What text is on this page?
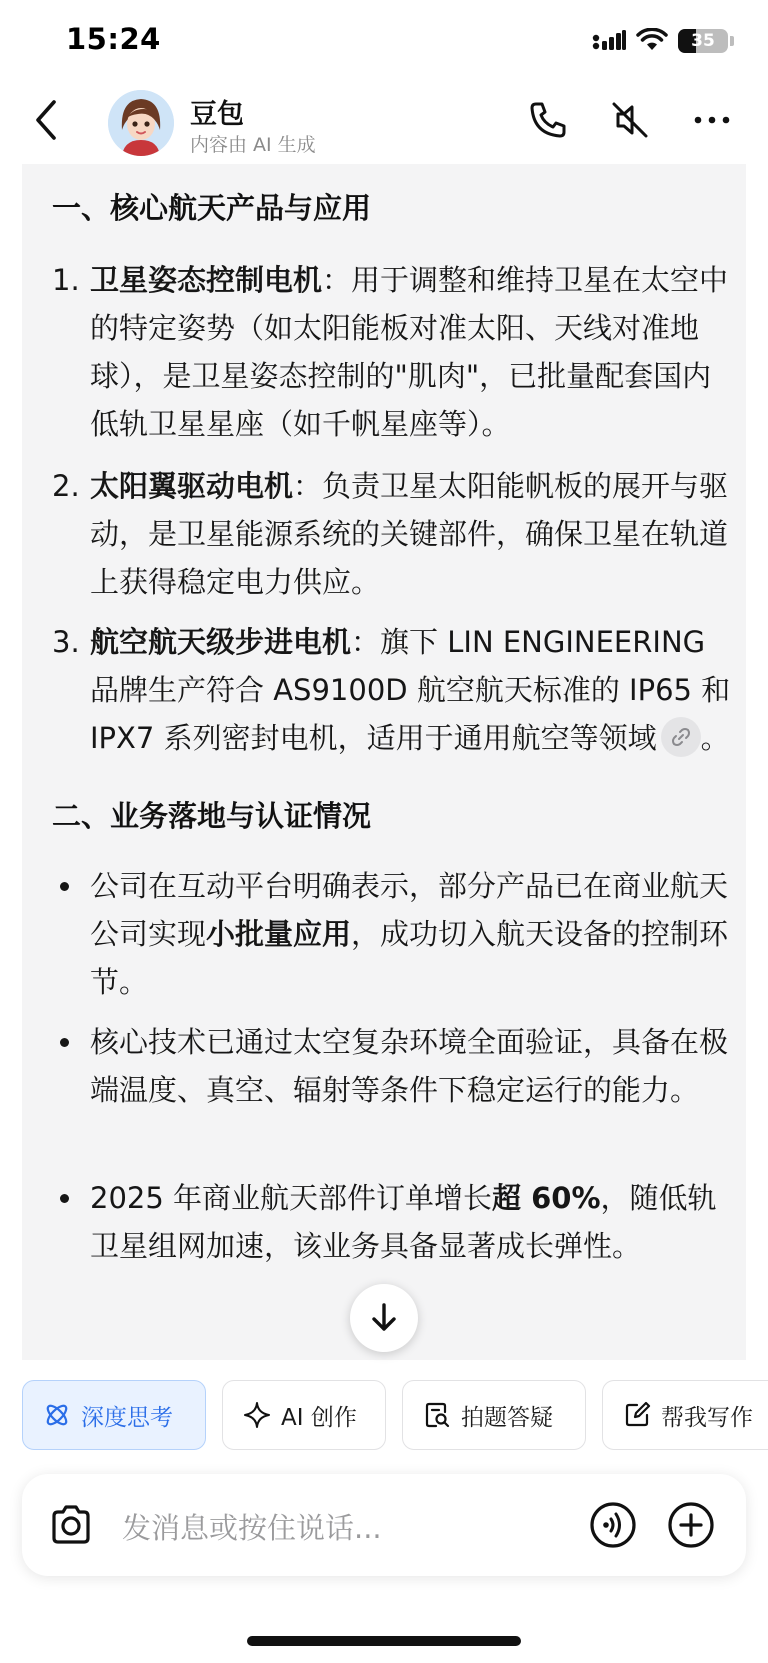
15:24	35
豆包
内容由 AI 生成
一、核心航天产品与应用
1. 卫星姿态控制电机：用于调整和维持卫星在太空中的特定姿势（如太阳能板对准太阳、天线对准地球），是卫星姿态控制的"肌肉"，已批量配套国内低轨卫星星座（如千帆星座等）。
2. 太阳翼驱动电机：负责卫星太阳能帆板的展开与驱动，是卫星能源系统的关键部件，确保卫星在轨道上获得稳定电力供应。
3. 航空航天级步进电机：旗下 LIN ENGINEERING 品牌生产符合 AS9100D 航空航天标准的 IP65 和 IPX7 系列密封电机，适用于通用航空等领域 。
二、业务落地与认证情况
公司在互动平台明确表示，部分产品已在商业航天公司实现小批量应用，成功切入航天设备的控制环节。
核心技术已通过太空复杂环境全面验证，具备在极端温度、真空、辐射等条件下稳定运行的能力。
2025 年商业航天部件订单增长超 60%，随低轨卫星组网加速，该业务具备显著成长弹性。
深度思考	AI 创作	拍题答疑	帮我写作
发消息或按住说话...
